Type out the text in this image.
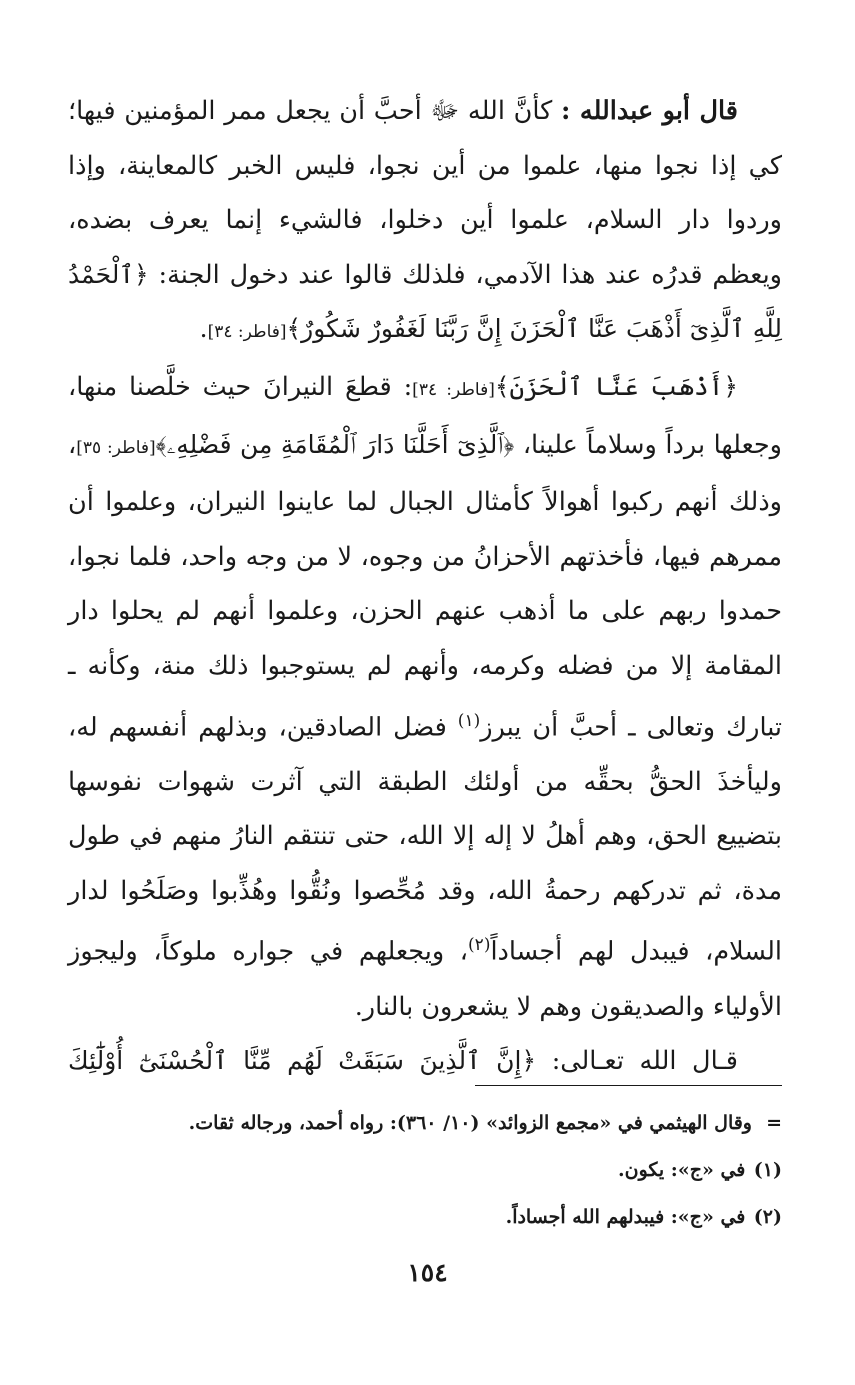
قال أبو عبدالله : كأنَّ الله ﷻ أحبَّ أن يجعل ممر المؤمنين فيها؛ كي إذا نجوا منها، علموا من أين نجوا، فليس الخبر كالمعاينة، وإذا وردوا دار السلام، علموا أين دخلوا، فالشيء إنما يعرف بضده، ويعظم قدرُه عند هذا الآدمي، فلذلك قالوا عند دخول الجنة: ﴿ٱلْحَمْدُ لِلَّهِ ٱلَّذِىٓ أَذْهَبَ عَنَّا ٱلْحَزَنَ إِنَّ رَبَّنَا لَغَفُورٌ شَكُورٌ﴾[فاطر: ٣٤].

﴿أَذْهَبَ عَنَّا ٱلْحَزَنَ﴾[فاطر: ٣٤]: قطعَ النيرانَ حيث خلَّصنا منها، وجعلها برداً وسلاماً علينا، ﴿ٱلَّذِىٓ أَحَلَّنَا دَارَ ٱلْمُقَامَةِ مِن فَضْلِهِۦ﴾[فاطر: ٣٥]، وذلك أنهم ركبوا أهوالاً كأمثال الجبال لما عاينوا النيران، وعلموا أن ممرهم فيها، فأخذتهم الأحزانُ من وجوه، لا من وجه واحد، فلما نجوا، حمدوا ربهم على ما أذهب عنهم الحزن، وعلموا أنهم لم يحلوا دار المقامة إلا من فضله وكرمه، وأنهم لم يستوجبوا ذلك منة، وكأنه ـ تبارك وتعالى ـ أحبَّ أن يبرز$^{(١)}$ فضل الصادقين، وبذلهم أنفسهم له، وليأخذَ الحقُّ بحقِّه من أولئك الطبقة التي آثرت شهوات نفوسها بتضييع الحق، وهم أهلُ لا إله إلا الله، حتى تنتقم النارُ منهم في طول مدة، ثم تدركهم رحمةُ الله، وقد مُحِّصوا ونُقُّوا وهُذِّبوا وصَلَحُوا لدار السلام، فيبدل لهم أجساداً$^{(٢)}$، ويجعلهم في جواره ملوكاً، وليجوز الأولياء والصديقون وهم لا يشعرون بالنار.

قـال الله تعـالى: ﴿إِنَّ ٱلَّذِينَ سَبَقَتْ لَهُم مِّنَّا ٱلْحُسْنَىٰٓ أُوْلَٰٓئِكَ

=وقال الهيثمي في «مجمع الزوائد» (١٠/ ٣٦٠): رواه أحمد، ورجاله ثقات.

(١) في «ج»: يكون.

(٢) في «ج»: فيبدلهم الله أجساداً.

١٥٤
